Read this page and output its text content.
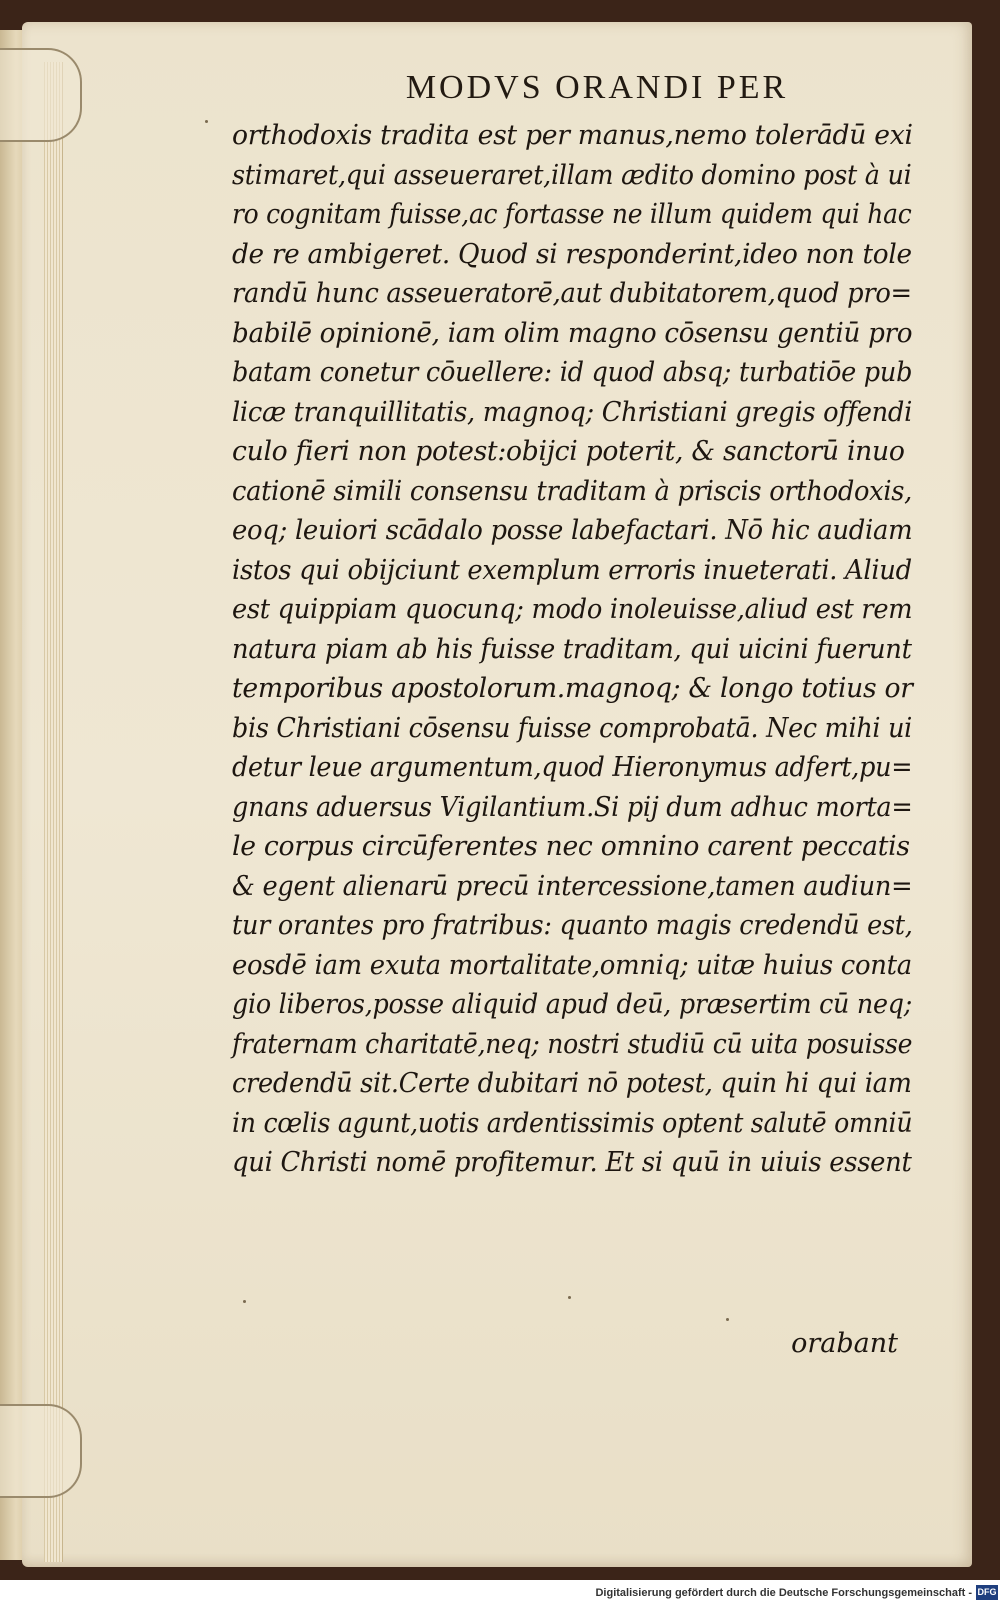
MODVS ORANDI PER
orthodoxis tradita est per manus,nemo tolerādū exi
stimaret,qui asseueraret,illam ædito domino post à ui
ro cognitam fuisse,ac fortasse ne illum quidem qui hac
de re ambigeret. Quod si responderint,ideo non tole
randū hunc asseueratorē,aut dubitatorem,quod pro=
babilē opinionē, iam olim magno cōsensu gentiū pro
batam conetur cōuellere: id quod absq; turbatiōe pub
licæ tranquillitatis, magnoq; Christiani gregis offendi
culo fieri non potest:obijci poterit, & sanctorū inuo
cationē simili consensu traditam à priscis orthodoxis,
eoq; leuiori scādalo posse labefactari. Nō hic audiam
istos qui obijciunt exemplum erroris inueterati. Aliud
est quippiam quocunq; modo inoleuisse,aliud est rem
natura piam ab his fuisse traditam, qui uicini fuerunt
temporibus apostolorum.magnoq; & longo totius or
bis Christiani cōsensu fuisse comprobatā. Nec mihi ui
detur leue argumentum,quod Hieronymus adfert,pu=
gnans aduersus Vigilantium.Si pij dum adhuc morta=
le corpus circūferentes nec omnino carent peccatis
& egent alienarū precū intercessione,tamen audiun=
tur orantes pro fratribus: quanto magis credendū est,
eosdē iam exuta mortalitate,omniq; uitæ huius conta
gio liberos,posse aliquid apud deū, præsertim cū neq;
fraternam charitatē,neq; nostri studiū cū uita posuisse
credendū sit.Certe dubitari nō potest, quin hi qui iam
in cœlis agunt,uotis ardentissimis optent salutē omniū
qui Christi nomē profitemur. Et si quū in uiuis essent
orabant
Digitalisierung gefördert durch die Deutsche Forschungsgemeinschaft - DFG
